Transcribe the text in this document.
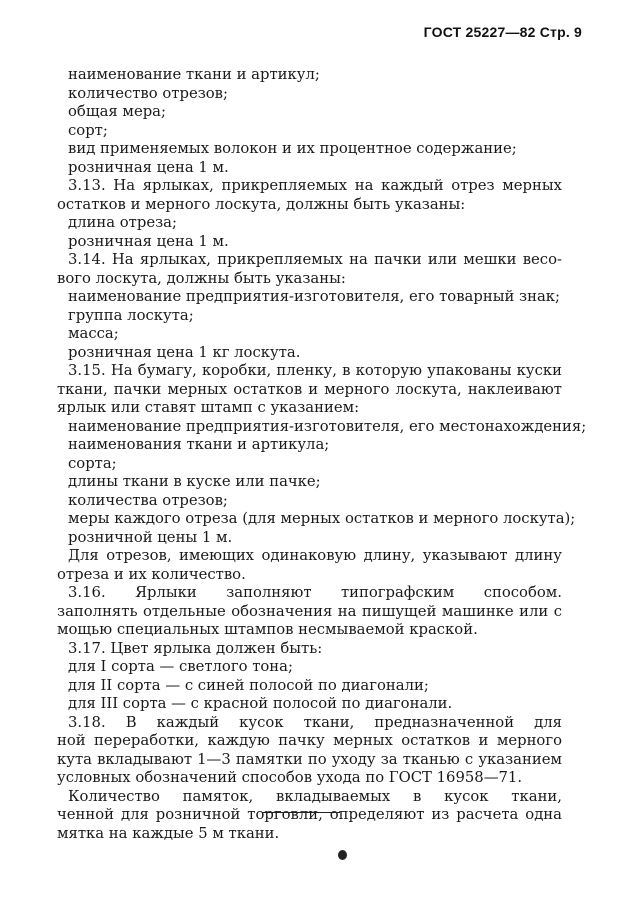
ГОСТ 25227—82 Стр. 9
наименование ткани и артикул;
количество отрезов;
общая мера;
сорт;
вид применяемых волокон и их процентное содержание;
розничная цена 1 м.
3.13. На ярлыках, прикрепляемых на каждый отрез мерных
остатков и мерного лоскута, должны быть указаны:
длина отреза;
розничная цена 1 м.
3.14. На ярлыках, прикрепляемых на пачки или мешки весо-
вого лоскута, должны быть указаны:
наименование предприятия-изготовителя, его товарный знак;
группа лоскута;
масса;
розничная цена 1 кг лоскута.
3.15. На бумагу, коробки, пленку, в которую упакованы куски
ткани, пачки мерных остатков и мерного лоскута, наклеивают
ярлык или ставят штамп с указанием:
наименование предприятия-изготовителя, его местонахождения;
наименования ткани и артикула;
сорта;
длины ткани в куске или пачке;
количества отрезов;
меры каждого отреза (для мерных остатков и мерного лоскута);
розничной цены 1 м.
Для отрезов, имеющих одинаковую длину, указывают длину
отреза и их количество.
3.16. Ярлыки заполняют типографским способом.
заполнять отдельные обозначения на пишущей машинке или с
мощью специальных штампов несмываемой краской.
3.17. Цвет ярлыка должен быть:
для I сорта — светлого тона;
для II сорта — с синей полосой по диагонали;
для III сорта — с красной полосой по диагонали.
3.18. В каждый кусок ткани, предназначенной для
ной переработки, каждую пачку мерных остатков и мерного
кута вкладывают 1—3 памятки по уходу за тканью с указанием
условных обозначений способов ухода по ГОСТ 16958—71.
Количество памяток, вкладываемых в кусок ткани,
ченной для розничной торговли, определяют из расчета одна
мятка на каждые 5 м ткани.
